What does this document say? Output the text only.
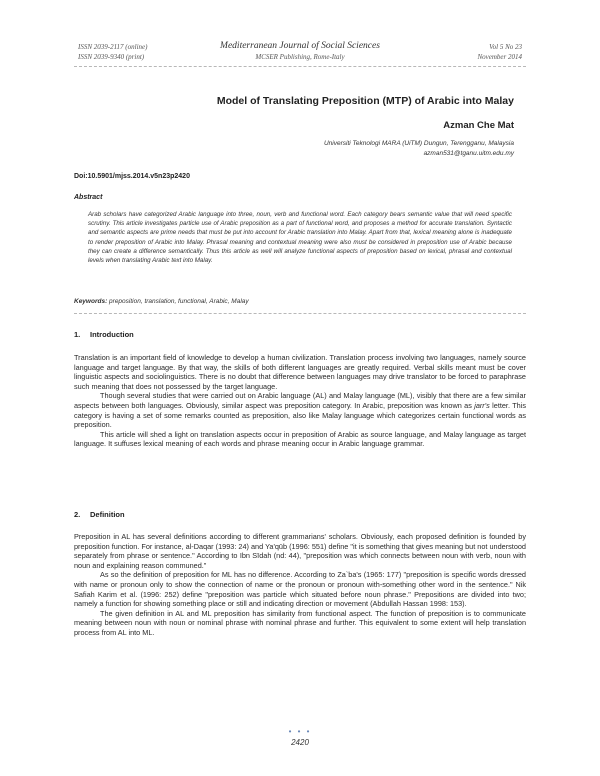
ISSN 2039-2117 (online)
ISSN 2039-9340 (print)
Mediterranean Journal of Social Sciences
MCSER Publishing, Rome-Italy
Vol 5 No 23
November 2014
Model of Translating Preposition (MTP) of Arabic into Malay
Azman Che Mat
Universiti Teknologi MARA (UiTM) Dungun, Terengganu, Malaysia
azman531@tganu.uitm.edu.my
Doi:10.5901/mjss.2014.v5n23p2420
Abstract
Arab scholars have categorized Arabic language into three, noun, verb and functional word. Each category bears semantic value that will need specific scrutiny. This article investigates particle use of Arabic preposition as a part of functional word, and proposes a method for accurate translation. Syntactic and semantic aspects are prime needs that must be put into account for Arabic translation into Malay. Apart from that, lexical meaning alone is inadequate to render preposition of Arabic into Malay. Phrasal meaning and contextual meaning were also must be considered in preposition use of Arabic because they can create a difference semantically. Thus this article as well will analyze functional aspects of preposition based on lexical, phrasal and contextual levels when translating Arabic text into Malay.
Keywords: preposition, translation, functional, Arabic, Malay
1. Introduction

Translation is an important field of knowledge to develop a human civilization. Translation process involving two languages, namely source language and target language. By that way, the skills of both different languages are greatly required. Verbal skills meant must be cover linguistic aspects and sociolinguistics. There is no doubt that difference between languages may drive translator to be forced to paraphrase such meaning that does not possessed by the target language.

Though several studies that were carried out on Arabic language (AL) and Malay language (ML), visibly that there are a few similar aspects between both languages. Obviously, similar aspect was preposition category. In Arabic, preposition was known as jarr's letter. This category is having a set of some remarks counted as preposition, also like Malay language which categorizes certain functional words as preposition.

This article will shed a light on translation aspects occur in preposition of Arabic as source language, and Malay language as target language. It suffuses lexical meaning of each words and phrase meaning occur in Arabic language grammar.

2. Definition

Preposition in AL has several definitions according to different grammarians' scholars. Obviously, each proposed definition is founded by preposition function. For instance, al-Daqar (1993: 24) and Ya'qūb (1996: 551) define "it is something that gives meaning but not understood separately from phrase or sentence." According to Ibn Sīdah (nd: 44), "preposition was which connects between noun with verb, noun with noun and explaining reason communed."

As so the definition of preposition for ML has no difference. According to Za`ba's (1965: 177) "preposition is specific words dressed with name or pronoun only to show the connection of name or the pronoun or pronoun with-something other word in the sentence." Nik Safiah Karim et al. (1996: 252) define "preposition was particle which situated before noun phrase." Prepositions are divided into two; namely a function for showing something place or still and indicating direction or movement (Abdullah Hassan 1998: 153).

The given definition in AL and ML preposition has similarity from functional aspect. The function of preposition is to communicate meaning between noun with noun or nominal phrase with nominal phrase and further. This equivalent to some extent will help translation process from AL into ML.

• • •
2420
